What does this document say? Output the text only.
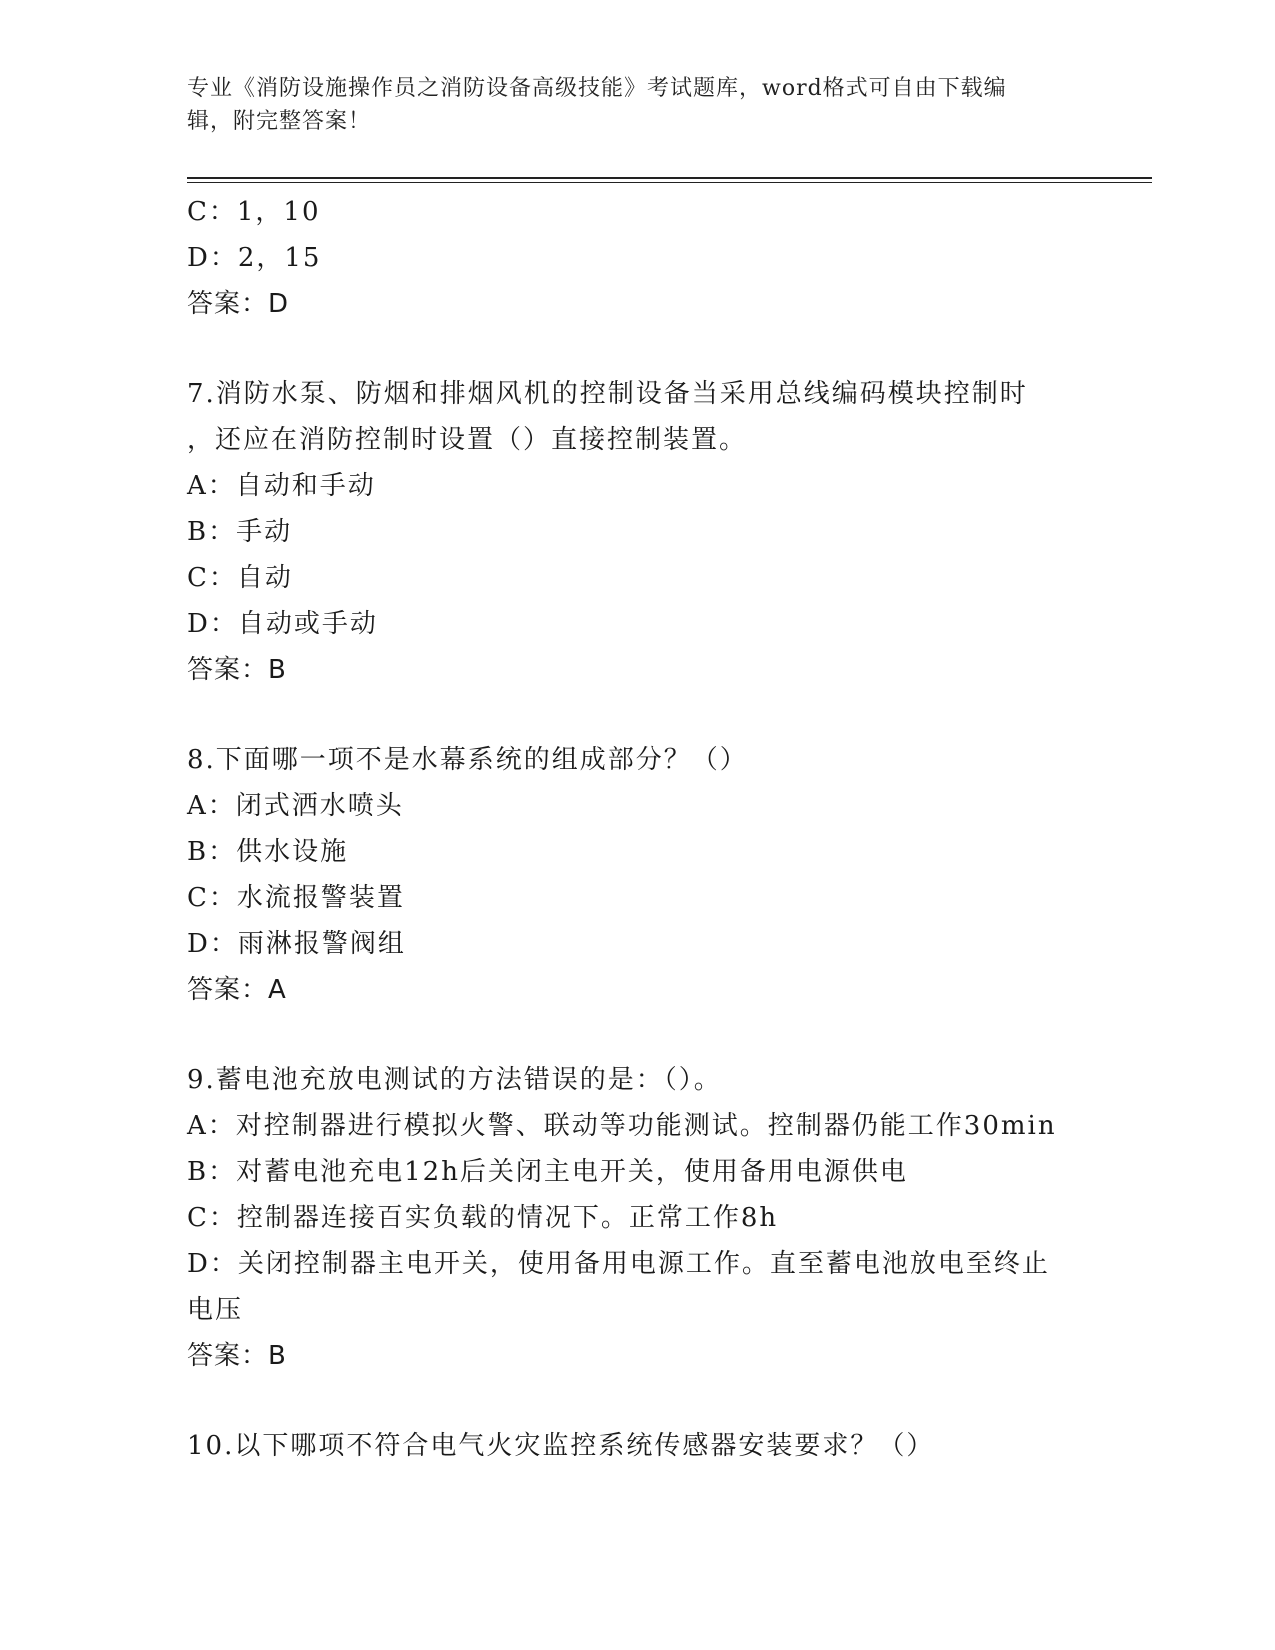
专业《消防设施操作员之消防设备高级技能》考试题库，word格式可自由下载编
辑，附完整答案！
C：1，10
D：2，15
答案：D
7.消防水泵、防烟和排烟风机的控制设备当采用总线编码模块控制时
，还应在消防控制时设置（）直接控制装置。
A：自动和手动
B：手动
C：自动
D：自动或手动
答案：B
8.下面哪一项不是水幕系统的组成部分？（）
A：闭式洒水喷头
B：供水设施
C：水流报警装置
D：雨淋报警阀组
答案：A
9.蓄电池充放电测试的方法错误的是：（）。
A：对控制器进行模拟火警、联动等功能测试。控制器仍能工作30min
B：对蓄电池充电12h后关闭主电开关，使用备用电源供电
C：控制器连接百实负载的情况下。正常工作8h
D：关闭控制器主电开关，使用备用电源工作。直至蓄电池放电至终止
电压
答案：B
10.以下哪项不符合电气火灾监控系统传感器安装要求？（）
